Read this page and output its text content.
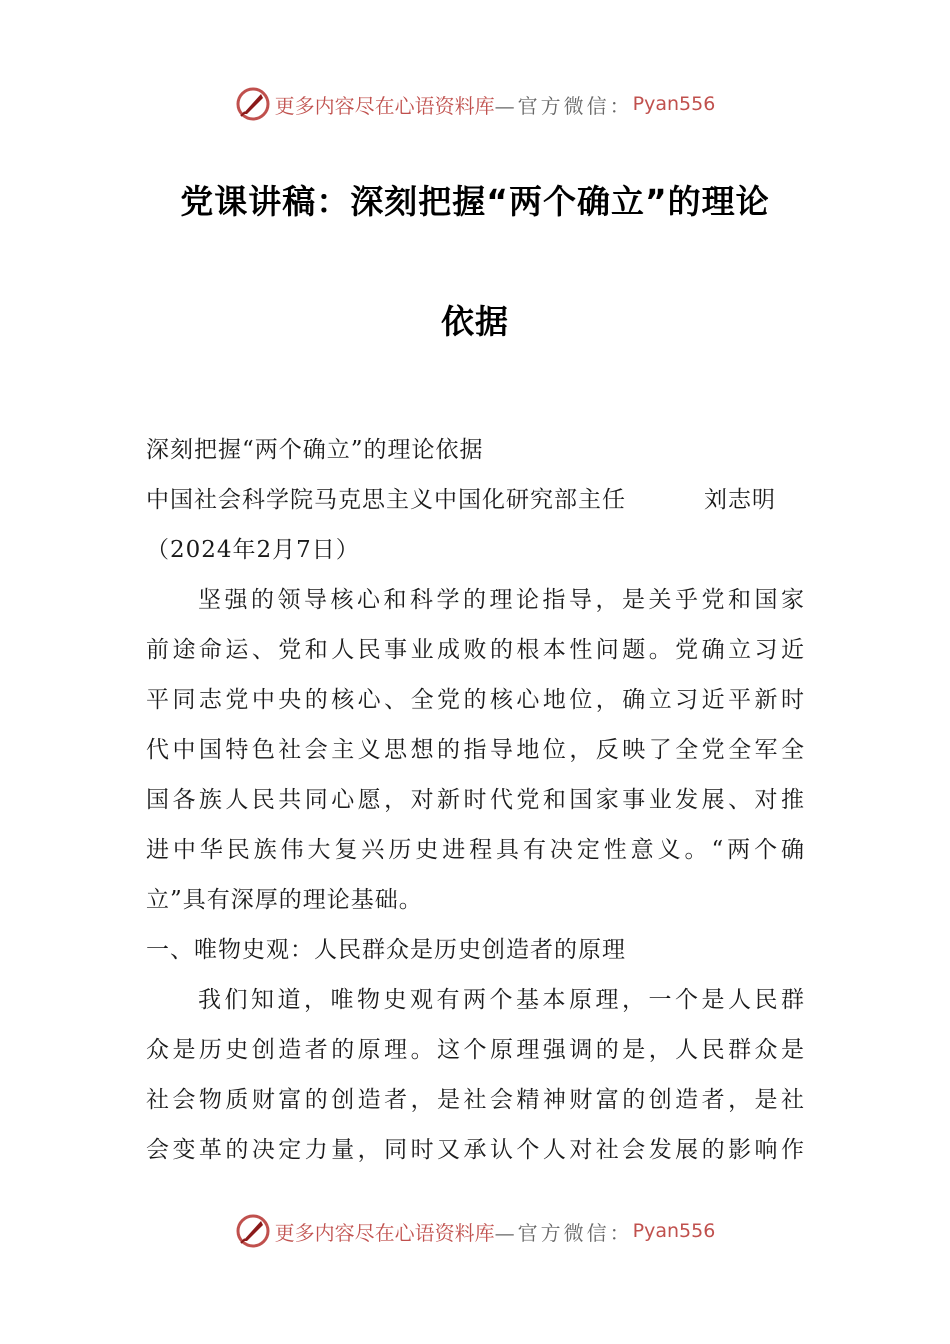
更多内容尽在心语资料库 —官方微信： Pyan556
党课讲稿：深刻把握“两个确立”的理论
依据
深刻把握“两个确立”的理论依据
中国社会科学院马克思主义中国化研究部主任	刘志明
（2024年2月7日）
坚强的领导核心和科学的理论指导，是关乎党和国家
前途命运、党和人民事业成败的根本性问题。党确立习近
平同志党中央的核心、全党的核心地位，确立习近平新时
代中国特色社会主义思想的指导地位，反映了全党全军全
国各族人民共同心愿，对新时代党和国家事业发展、对推
进中华民族伟大复兴历史进程具有决定性意义。“两个确
立”具有深厚的理论基础。
一、唯物史观：人民群众是历史创造者的原理
我们知道，唯物史观有两个基本原理，一个是人民群
众是历史创造者的原理。这个原理强调的是，人民群众是
社会物质财富的创造者，是社会精神财富的创造者，是社
会变革的决定力量，同时又承认个人对社会发展的影响作
更多内容尽在心语资料库 —官方微信： Pyan556
